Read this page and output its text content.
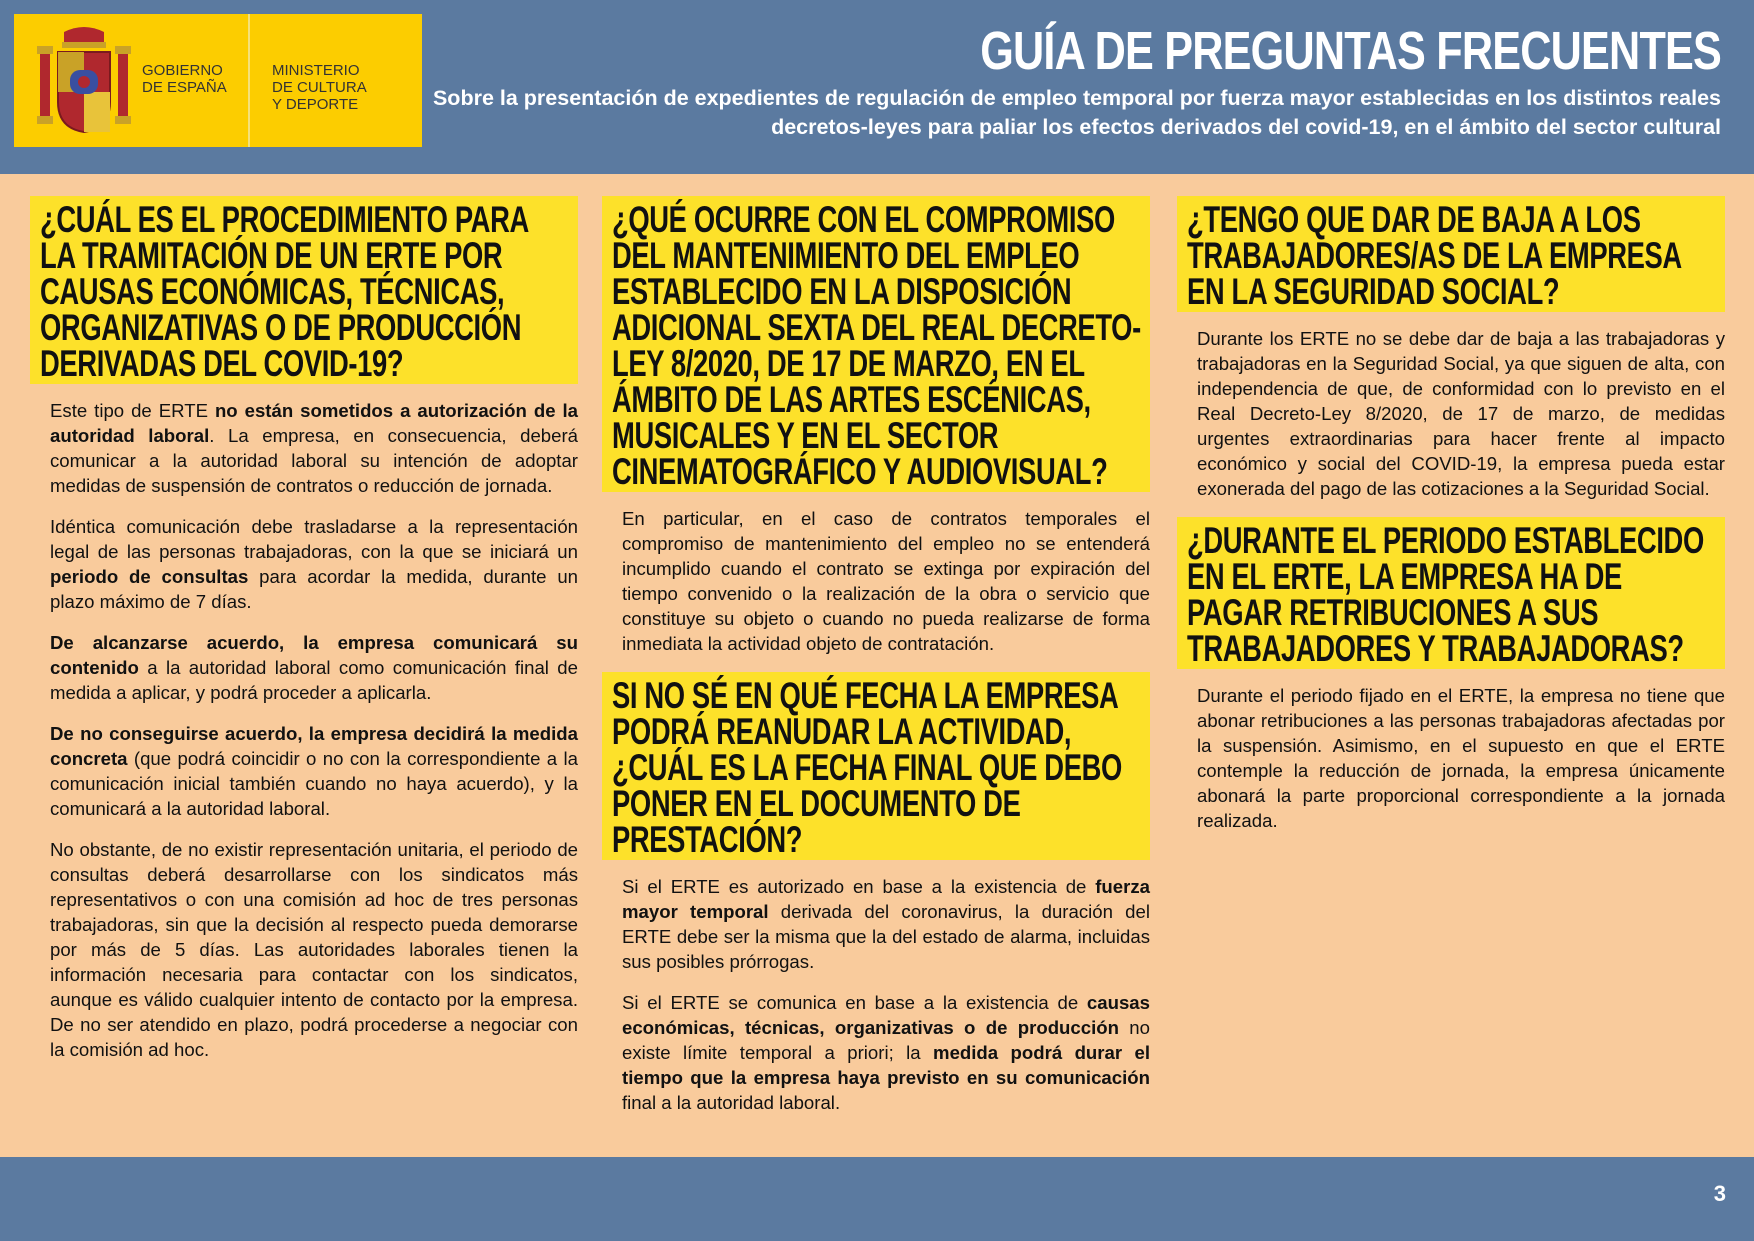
GOBIERNO
DE ESPAÑA
MINISTERIO
DE CULTURA
Y DEPORTE
GUÍA DE PREGUNTAS FRECUENTES
Sobre la presentación de expedientes de regulación de empleo temporal por fuerza mayor establecidas en los distintos reales decretos-leyes para paliar los efectos derivados del covid-19, en el ámbito del sector cultural
¿CUÁL ES EL PROCEDIMIENTO PARA LA TRAMITACIÓN DE UN ERTE POR CAUSAS ECONÓMICAS, TÉCNICAS, ORGANIZATIVAS O DE PRODUCCIÓN DERIVADAS DEL COVID-19?

Este tipo de ERTE no están sometidos a autorización de la autoridad laboral. La empresa, en consecuencia, deberá comunicar a la autoridad laboral su intención de adoptar medidas de suspensión de contratos o reducción de jornada.

Idéntica comunicación debe trasladarse a la representación legal de las personas trabajadoras, con la que se iniciará un periodo de consultas para acordar la medida, durante un plazo máximo de 7 días.

De alcanzarse acuerdo, la empresa comunicará su contenido a la autoridad laboral como comunicación final de medida a aplicar, y podrá proceder a aplicarla.

De no conseguirse acuerdo, la empresa decidirá la medida concreta (que podrá coincidir o no con la correspondiente a la comunicación inicial también cuando no haya acuerdo), y la comunicará a la autoridad laboral.

No obstante, de no existir representación unitaria, el periodo de consultas deberá desarrollarse con los sindicatos más representativos o con una comisión ad hoc de tres personas trabajadoras, sin que la decisión al respecto pueda demorarse por más de 5 días. Las autoridades laborales tienen la información necesaria para contactar con los sindicatos, aunque es válido cualquier intento de contacto por la empresa. De no ser atendido en plazo, podrá procederse a negociar con la comisión ad hoc.

¿QUÉ OCURRE CON EL COMPROMISO DEL MANTENIMIENTO DEL EMPLEO ESTABLECIDO EN LA DISPOSICIÓN ADICIONAL SEXTA DEL REAL DECRETO-LEY 8/2020, DE 17 DE MARZO, EN EL ÁMBITO DE LAS ARTES ESCÉNICAS, MUSICALES Y EN EL SECTOR CINEMATOGRÁFICO Y AUDIOVISUAL?

En particular, en el caso de contratos temporales el compromiso de mantenimiento del empleo no se entenderá incumplido cuando el contrato se extinga por expiración del tiempo convenido o la realización de la obra o servicio que constituye su objeto o cuando no pueda realizarse de forma inmediata la actividad objeto de contratación.

SI NO SÉ EN QUÉ FECHA LA EMPRESA PODRÁ REANUDAR LA ACTIVIDAD, ¿CUÁL ES LA FECHA FINAL QUE DEBO PONER EN EL DOCUMENTO DE PRESTACIÓN?

Si el ERTE es autorizado en base a la existencia de fuerza mayor temporal derivada del coronavirus, la duración del ERTE debe ser la misma que la del estado de alarma, incluidas sus posibles prórrogas.

Si el ERTE se comunica en base a la existencia de causas económicas, técnicas, organizativas o de producción no existe límite temporal a priori; la medida podrá durar el tiempo que la empresa haya previsto en su comunicación final a la autoridad laboral.

¿TENGO QUE DAR DE BAJA A LOS TRABAJADORES/AS DE LA EMPRESA EN LA SEGURIDAD SOCIAL?

Durante los ERTE no se debe dar de baja a las trabajadoras y trabajadoras en la Seguridad Social, ya que siguen de alta, con independencia de que, de conformidad con lo previsto en el Real Decreto-Ley 8/2020, de 17 de marzo, de medidas urgentes extraordinarias para hacer frente al impacto económico y social del COVID-19, la empresa pueda estar exonerada del pago de las cotizaciones a la Seguridad Social.

¿DURANTE EL PERIODO ESTABLECIDO EN EL ERTE, LA EMPRESA HA DE PAGAR RETRIBUCIONES A SUS TRABAJADORES Y TRABAJADORAS?

Durante el periodo fijado en el ERTE, la empresa no tiene que abonar retribuciones a las personas trabajadoras afectadas por la suspensión. Asimismo, en el supuesto en que el ERTE contemple la reducción de jornada, la empresa únicamente abonará la parte proporcional correspondiente a la jornada realizada.

3
